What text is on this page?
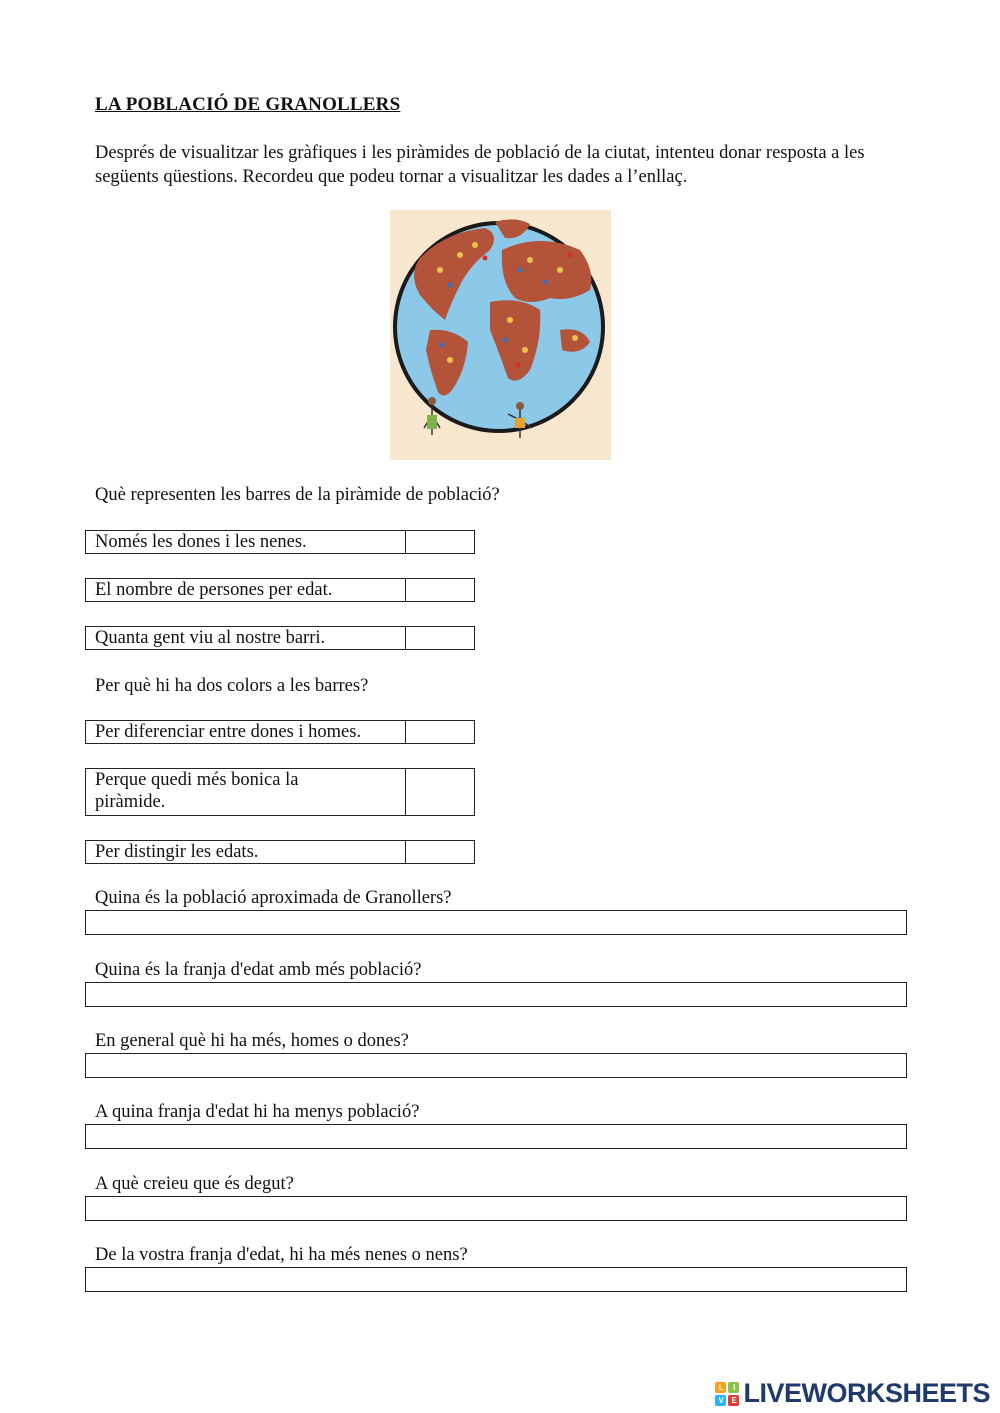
LA POBLACIÓ DE GRANOLLERS
Després de visualitzar les gràfiques i les piràmides de població de la ciutat, intenteu donar resposta a les següents qüestions. Recordeu que podeu tornar a visualitzar les dades a l’enllaç.
Què representen les barres de la piràmide de població?
Només les dones i les nenes.
El nombre de persones per edat.
Quanta gent viu al nostre barri.
Per què hi ha dos colors a les barres?
Per diferenciar entre dones i homes.
Perque quedi més bonica la piràmide.
Per distingir les edats.
Quina és la població aproximada de Granollers?
Quina és la franja d'edat amb més població?
En general què hi ha més, homes o dones?
A quina franja d'edat hi ha menys població?
A què creieu que és degut?
De la vostra franja d'edat, hi ha més nenes o nens?
L	I
V	E LIVEWORKSHEETS
